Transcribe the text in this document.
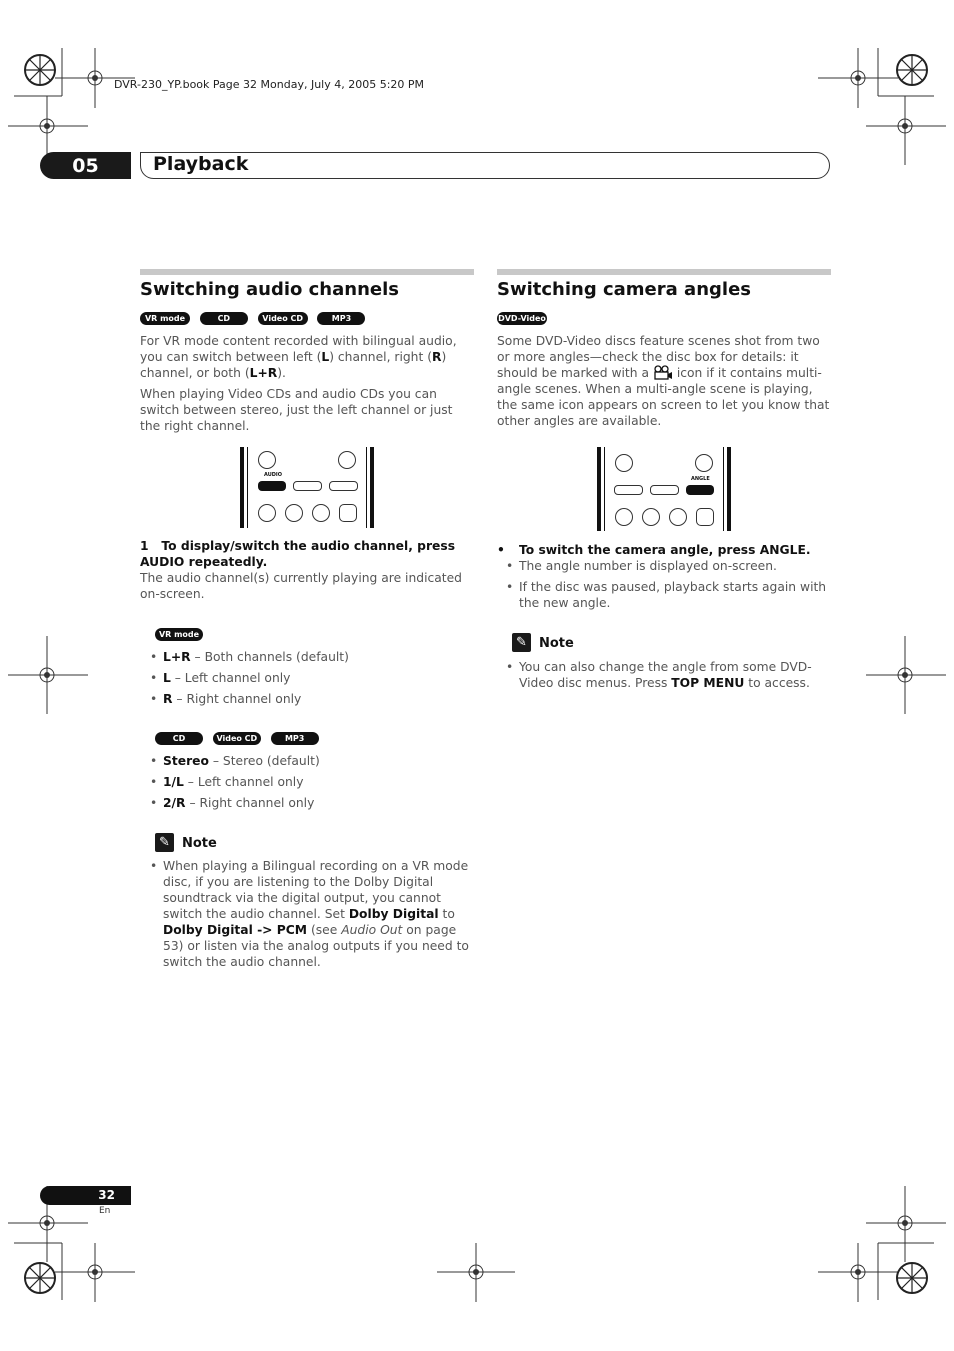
DVR-230_YP.book Page 32 Monday, July 4, 2005 5:20 PM
05	Playback
Switching audio channels
VR mode	CD	Video CD	MP3
For VR mode content recorded with bilingual audio, you can switch between left (L) channel, right (R) channel, or both (L+R).
When playing Video CDs and audio CDs you can switch between stereo, just the left channel or just the right channel.
AUDIO
1 To display/switch the audio channel, press AUDIO repeatedly.
The audio channel(s) currently playing are indicated on-screen.
VR mode
• L+R – Both channels (default)
• L – Left channel only
• R – Right channel only
CD	Video CD	MP3
• Stereo – Stereo (default)
• 1/L – Left channel only
• 2/R – Right channel only
✎ Note
• When playing a Bilingual recording on a VR mode disc, if you are listening to the Dolby Digital soundtrack via the digital output, you cannot switch the audio channel. Set Dolby Digital to Dolby Digital -> PCM (see Audio Out on page 53) or listen via the analog outputs if you need to switch the audio channel.
Switching camera angles
DVD-Video
Some DVD-Video discs feature scenes shot from two or more angles—check the disc box for details: it should be marked with a icon if it contains multi-angle scenes. When a multi-angle scene is playing, the same icon appears on screen to let you know that other angles are available.
ANGLE
• To switch the camera angle, press ANGLE.
• The angle number is displayed on-screen.
• If the disc was paused, playback starts again with the new angle.
✎ Note
• You can also change the angle from some DVD-Video disc menus. Press TOP MENU to access.
32
En
